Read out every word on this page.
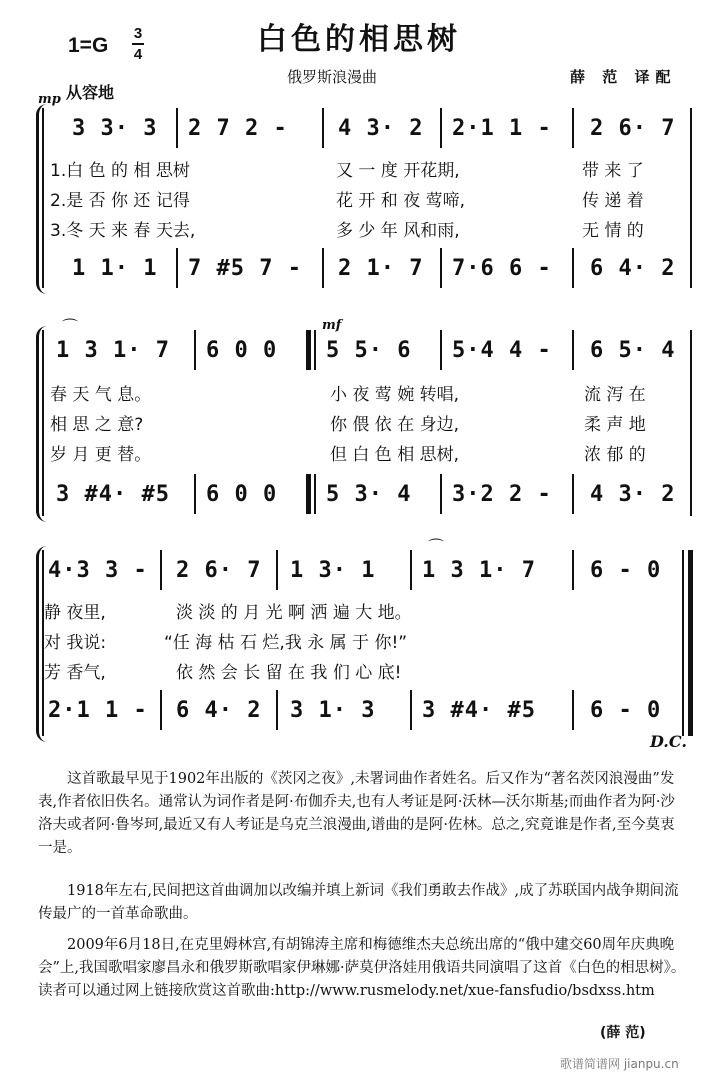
白色的相思树
1=G
3
4
俄罗斯浪漫曲	薛 范 译配
mp 从容地
3 3· 3 2 7 2 - 4 3· 2 2·1 1 - 2 6· 7
1.白 色 的 相 思树	又 一 度 开花期,	带 来 了
2.是 否 你 还 记得	花 开 和 夜 莺啼,	传 递 着
3.冬 天 来 春 天去,	多 少 年 风和雨,	无 情 的
1 1· 1 7 #5 7 - 2 1· 7 7·6 6 - 6 4· 2
⌒	mf
1 3 1· 7 6 0 0 5 5· 6 5·4 4 - 6 5· 4
春 天 气 息。	小 夜 莺 婉 转唱,	流 泻 在
相 思 之 意?	你 偎 依 在 身边,	柔 声 地
岁 月 更 替。	但 白 色 相 思树,	浓 郁 的
3 #4· #5 6 0 0 5 3· 4 3·2 2 - 4 3· 2
⌒
4·3 3 - 2 6· 7 1 3· 1 1 3 1· 7 6 - 0
静 夜里,	淡 淡 的 月 光 啊 洒 遍 大 地。
对 我说:	“任 海 枯 石 烂,我 永 属 于 你!”
芳 香气,	依 然 会 长 留 在 我 们 心 底!
2·1 1 - 6 4· 2 3 1· 3 3 #4· #5 6 - 0
D.C.
这首歌最早见于1902年出版的《茨冈之夜》,未署词曲作者姓名。后又作为“著名茨冈浪漫曲”发表,作者依旧佚名。通常认为词作者是阿·布伽乔夫,也有人考证是阿·沃林—沃尔斯基;而曲作者为阿·沙洛夫或者阿·鲁岑珂,最近又有人考证是乌克兰浪漫曲,谱曲的是阿·佐林。总之,究竟谁是作者,至今莫衷一是。
1918年左右,民间把这首曲调加以改编并填上新词《我们勇敢去作战》,成了苏联国内战争期间流传最广的一首革命歌曲。
2009年6月18日,在克里姆林宫,有胡锦涛主席和梅德维杰夫总统出席的“俄中建交60周年庆典晚会”上,我国歌唱家廖昌永和俄罗斯歌唱家伊琳娜·萨莫伊洛娃用俄语共同演唱了这首《白色的相思树》。读者可以通过网上链接欣赏这首歌曲:http://www.rusmelody.net/xue-fansfudio/bsdxss.htm
(薛 范)
歌谱简谱网 jianpu.cn
